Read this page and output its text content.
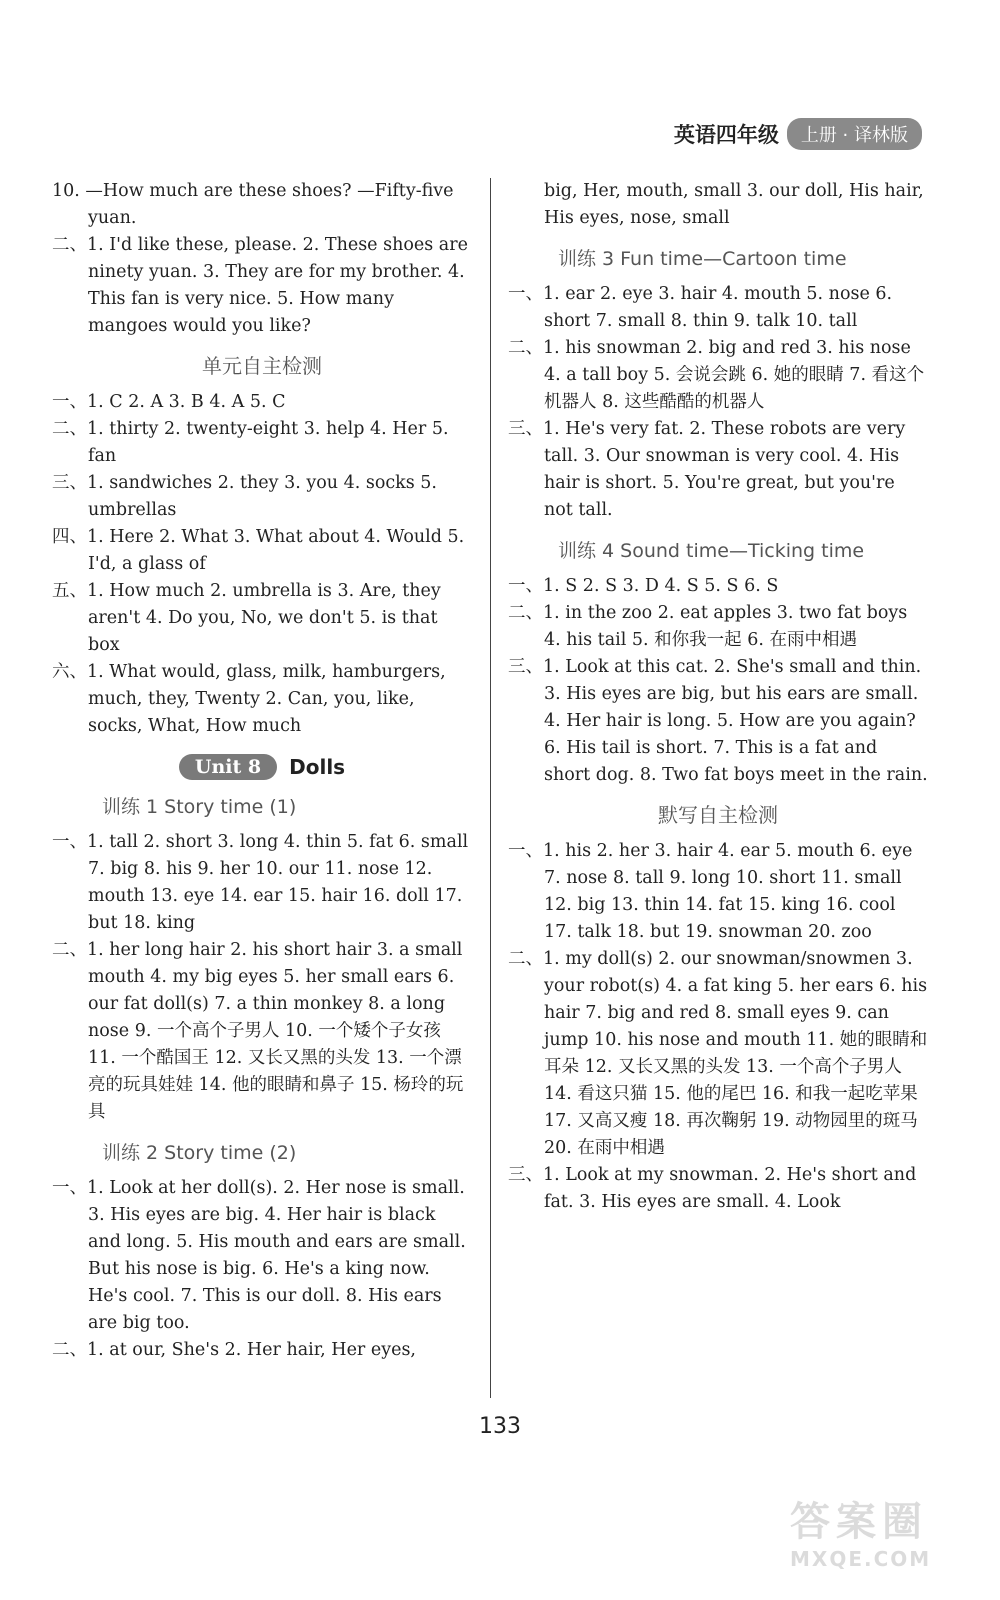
英语四年级	上册 · 译林版

10. —How much are these shoes? —Fifty-five yuan.

二、1. I'd like these, please. 2. These shoes are ninety yuan. 3. They are for my brother. 4. This fan is very nice. 5. How many mangoes would you like?

单元自主检测

一、1. C 2. A 3. B 4. A 5. C

二、1. thirty 2. twenty-eight 3. help 4. Her 5. fan

三、1. sandwiches 2. they 3. you 4. socks 5. umbrellas

四、1. Here 2. What 3. What about 4. Would 5. I'd, a glass of

五、1. How much 2. umbrella is 3. Are, they aren't 4. Do you, No, we don't 5. is that box

六、1. What would, glass, milk, hamburgers, much, they, Twenty 2. Can, you, like, socks, What, How much

Unit 8	Dolls
训练 1 Story time (1)

一、1. tall 2. short 3. long 4. thin 5. fat 6. small 7. big 8. his 9. her 10. our 11. nose 12. mouth 13. eye 14. ear 15. hair 16. doll 17. but 18. king

二、1. her long hair 2. his short hair 3. a small mouth 4. my big eyes 5. her small ears 6. our fat doll(s) 7. a thin monkey 8. a long nose 9. 一个高个子男人 10. 一个矮个子女孩 11. 一个酷国王 12. 又长又黑的头发 13. 一个漂亮的玩具娃娃 14. 他的眼睛和鼻子 15. 杨玲的玩具

训练 2 Story time (2)

一、1. Look at her doll(s). 2. Her nose is small. 3. His eyes are big. 4. Her hair is black and long. 5. His mouth and ears are small. But his nose is big. 6. He's a king now. He's cool. 7. This is our doll. 8. His ears are big too.

二、1. at our, She's 2. Her hair, Her eyes,

big, Her, mouth, small 3. our doll, His hair, His eyes, nose, small

训练 3 Fun time—Cartoon time

一、1. ear 2. eye 3. hair 4. mouth 5. nose 6. short 7. small 8. thin 9. talk 10. tall

二、1. his snowman 2. big and red 3. his nose 4. a tall boy 5. 会说会跳 6. 她的眼睛 7. 看这个机器人 8. 这些酷酷的机器人

三、1. He's very fat. 2. These robots are very tall. 3. Our snowman is very cool. 4. His hair is short. 5. You're great, but you're not tall.

训练 4 Sound time—Ticking time

一、1. S 2. S 3. D 4. S 5. S 6. S

二、1. in the zoo 2. eat apples 3. two fat boys 4. his tail 5. 和你我一起 6. 在雨中相遇

三、1. Look at this cat. 2. She's small and thin. 3. His eyes are big, but his ears are small. 4. Her hair is long. 5. How are you again? 6. His tail is short. 7. This is a fat and short dog. 8. Two fat boys meet in the rain.

默写自主检测

一、1. his 2. her 3. hair 4. ear 5. mouth 6. eye 7. nose 8. tall 9. long 10. short 11. small 12. big 13. thin 14. fat 15. king 16. cool 17. talk 18. but 19. snowman 20. zoo

二、1. my doll(s) 2. our snowman/snowmen 3. your robot(s) 4. a fat king 5. her ears 6. his hair 7. big and red 8. small eyes 9. can jump 10. his nose and mouth 11. 她的眼睛和耳朵 12. 又长又黑的头发 13. 一个高个子男人 14. 看这只猫 15. 他的尾巴 16. 和我一起吃苹果 17. 又高又瘦 18. 再次鞠躬 19. 动物园里的斑马 20. 在雨中相遇

三、1. Look at my snowman. 2. He's short and fat. 3. His eyes are small. 4. Look

133
答案圈
MXQE.COM
